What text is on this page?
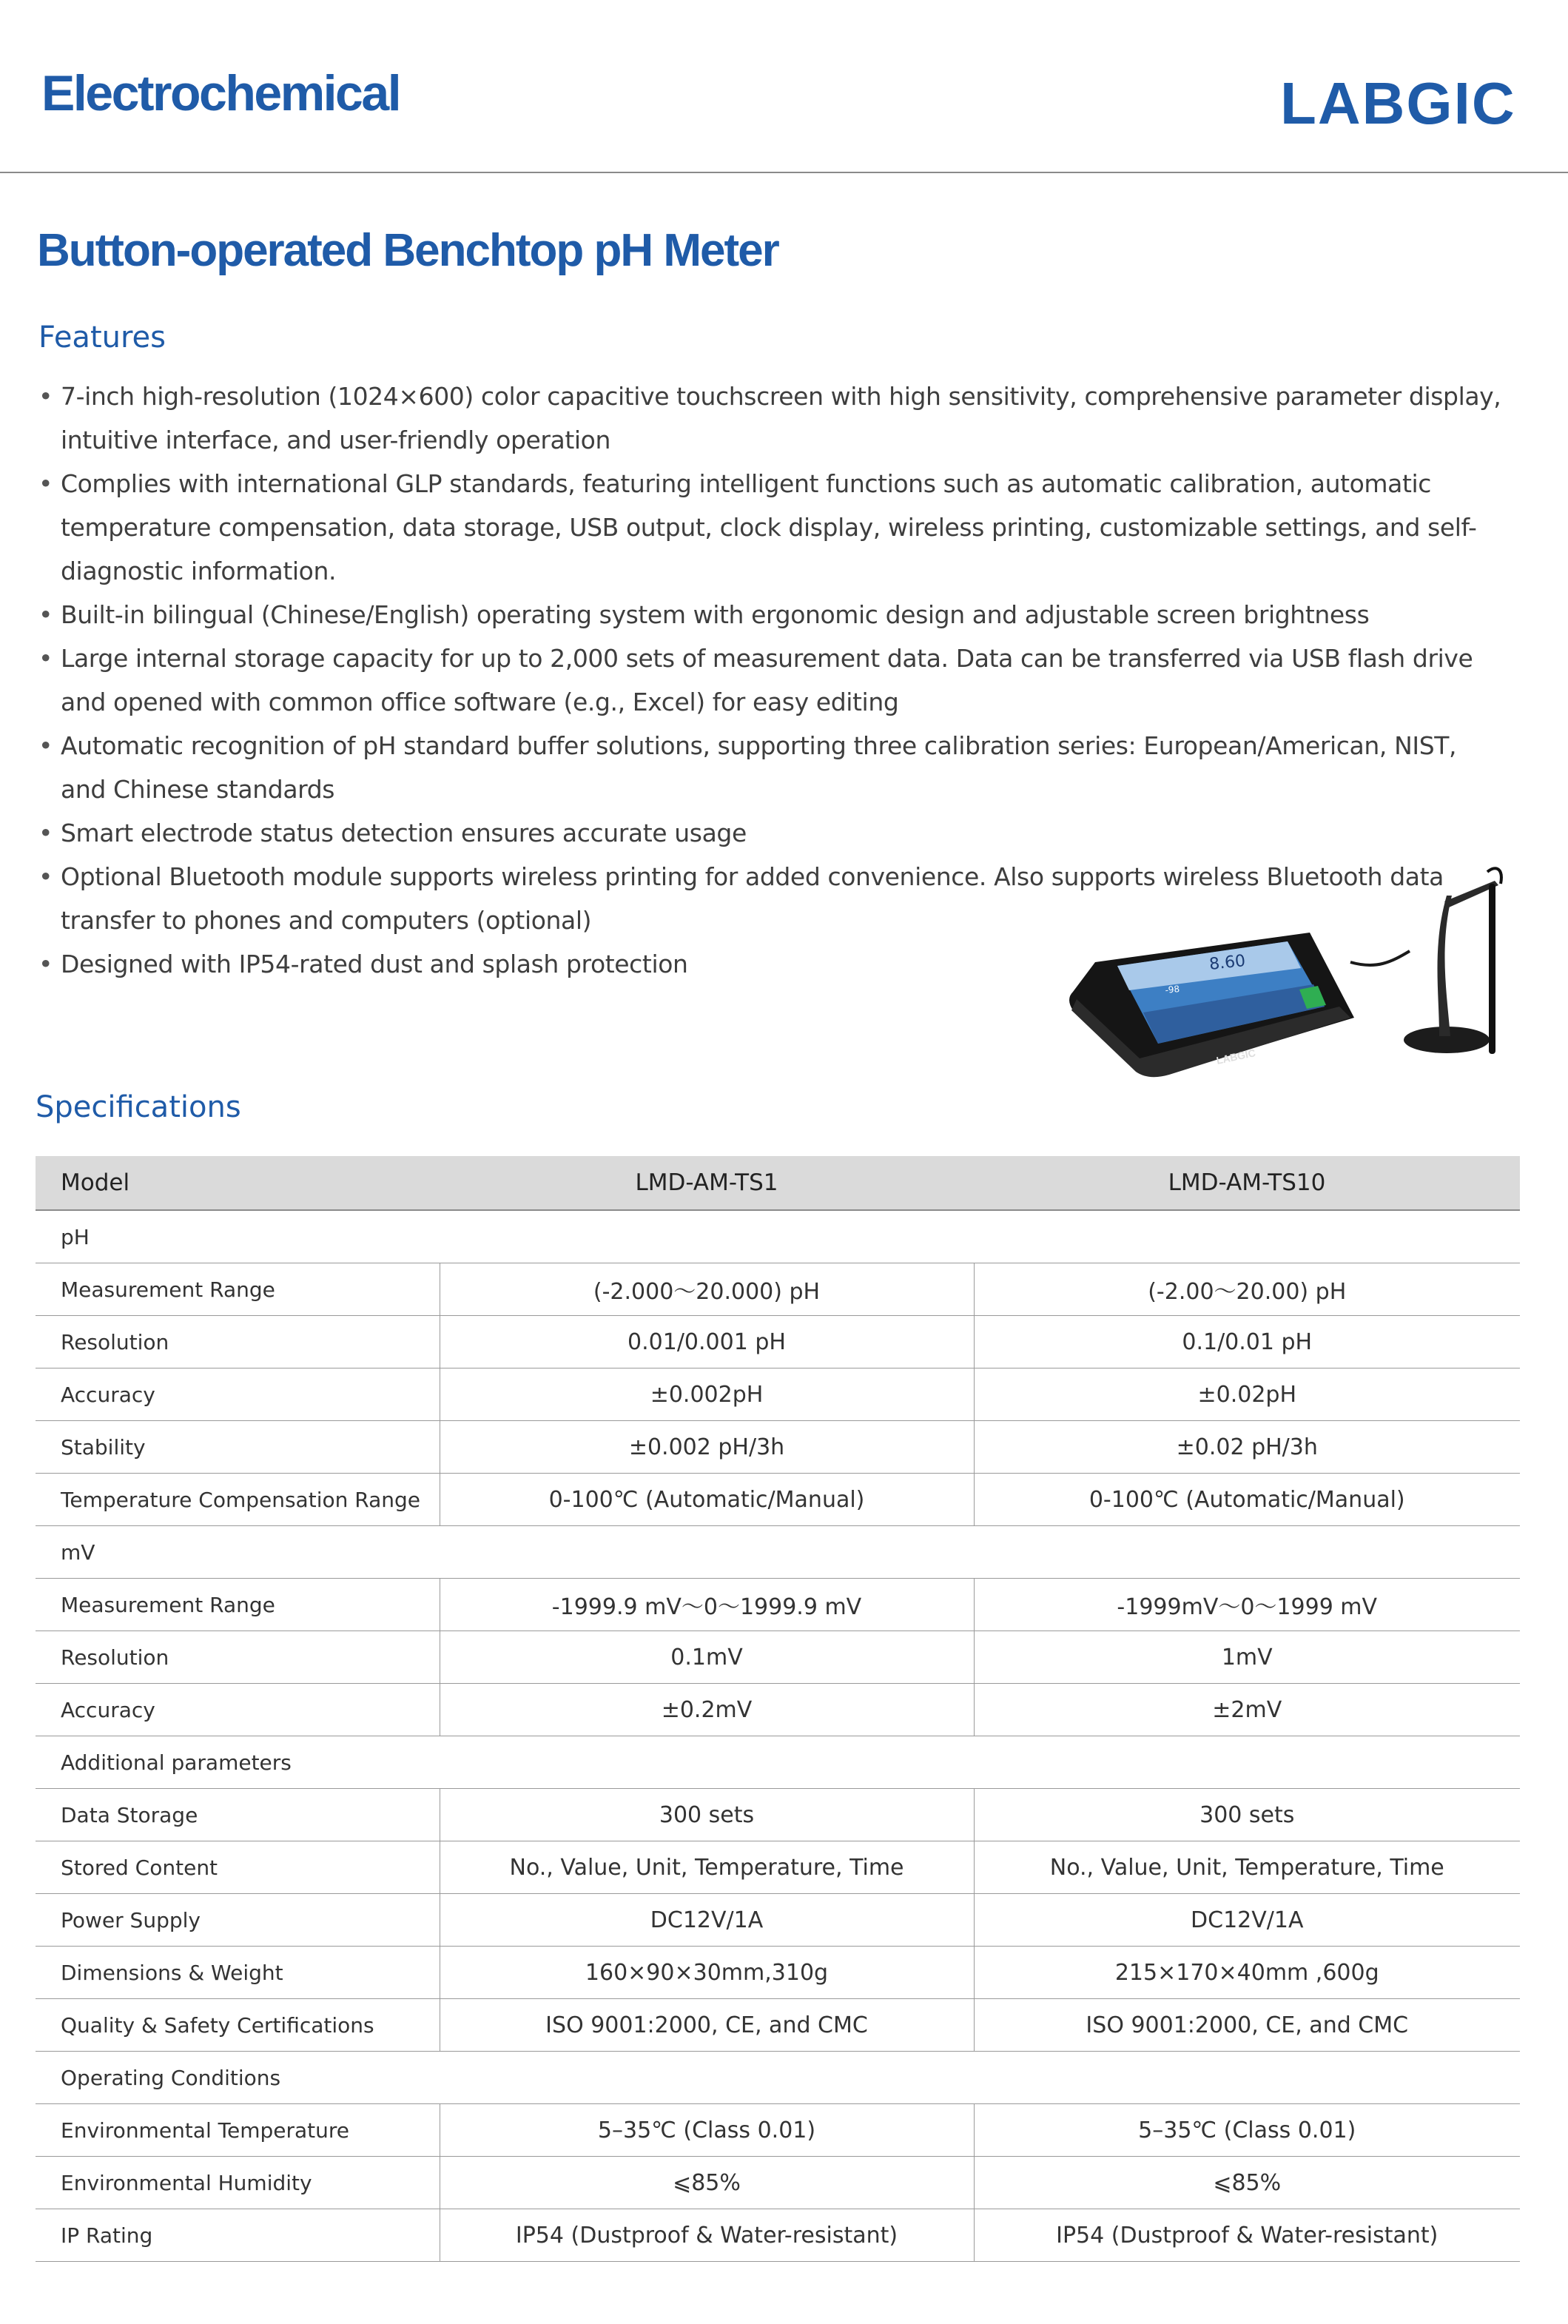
Electrochemical	LABGIC
Button-operated Benchtop pH Meter
Features
• 7-inch high-resolution (1024×600) color capacitive touchscreen with high sensitivity, comprehensive parameter display, intuitive interface, and user-friendly operation
• Complies with international GLP standards, featuring intelligent functions such as automatic calibration, automatic temperature compensation, data storage, USB output, clock display, wireless printing, customizable settings, and self-diagnostic information.
• Built-in bilingual (Chinese/English) operating system with ergonomic design and adjustable screen brightness
• Large internal storage capacity for up to 2,000 sets of measurement data. Data can be transferred via USB flash drive and opened with common office software (e.g., Excel) for easy editing
• Automatic recognition of pH standard buffer solutions, supporting three calibration series: European/American, NIST, and Chinese standards
• Smart electrode status detection ensures accurate usage
• Optional Bluetooth module supports wireless printing for added convenience. Also supports wireless Bluetooth data transfer to phones and computers (optional)
• Designed with IP54-rated dust and splash protection	8.60
-98
LABGIC
Specifications
Model	LMD-AM-TS1	LMD-AM-TS10
pH		
Measurement Range	(-2.000～20.000) pH	(-2.00～20.00) pH
Resolution	0.01/0.001 pH	0.1/0.01 pH
Accuracy	±0.002pH	±0.02pH
Stability	±0.002 pH/3h	±0.02 pH/3h
Temperature Compensation Range	0-100℃ (Automatic/Manual)	0-100℃ (Automatic/Manual)
mV		
Measurement Range	-1999.9 mV～0～1999.9 mV	-1999mV～0～1999 mV
Resolution	0.1mV	1mV
Accuracy	±0.2mV	±2mV
Additional parameters		
Data Storage	300 sets	300 sets
Stored Content	No., Value, Unit, Temperature, Time	No., Value, Unit, Temperature, Time
Power Supply	DC12V/1A	DC12V/1A
Dimensions & Weight	160×90×30mm,310g	215×170×40mm ,600g
Quality & Safety Certifications	ISO 9001:2000, CE, and CMC	ISO 9001:2000, CE, and CMC
Operating Conditions		
Environmental Temperature	5–35℃ (Class 0.01)	5–35℃ (Class 0.01)
Environmental Humidity	⩽85%	⩽85%
IP Rating	IP54 (Dustproof & Water-resistant)	IP54 (Dustproof & Water-resistant)
